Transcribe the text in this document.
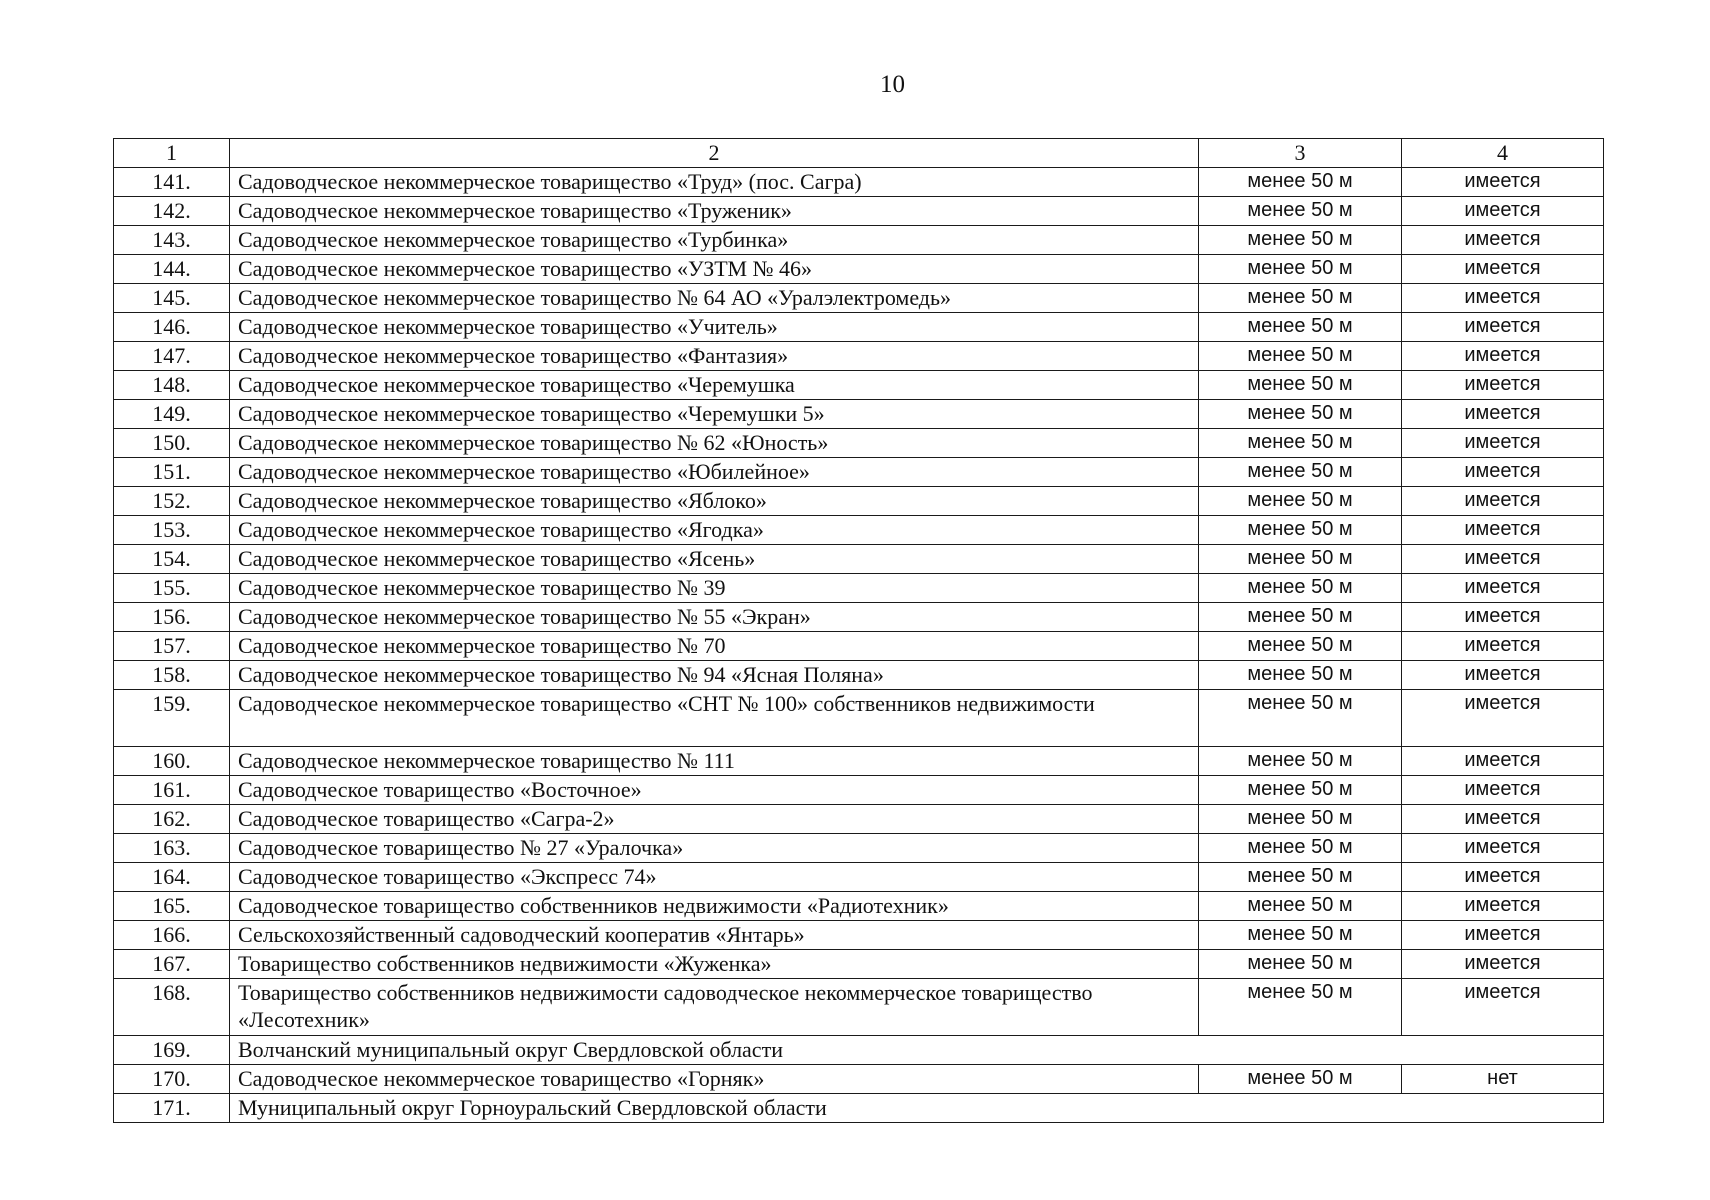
10
1	2	3	4
141.	Садоводческое некоммерческое товарищество «Труд» (пос. Сагра)	менее 50 м	имеется
142.	Садоводческое некоммерческое товарищество «Труженик»	менее 50 м	имеется
143.	Садоводческое некоммерческое товарищество «Турбинка»	менее 50 м	имеется
144.	Садоводческое некоммерческое товарищество «УЗТМ № 46»	менее 50 м	имеется
145.	Садоводческое некоммерческое товарищество № 64 АО «Уралэлектромедь»	менее 50 м	имеется
146.	Садоводческое некоммерческое товарищество «Учитель»	менее 50 м	имеется
147.	Садоводческое некоммерческое товарищество «Фантазия»	менее 50 м	имеется
148.	Садоводческое некоммерческое товарищество «Черемушка	менее 50 м	имеется
149.	Садоводческое некоммерческое товарищество «Черемушки 5»	менее 50 м	имеется
150.	Садоводческое некоммерческое товарищество № 62 «Юность»	менее 50 м	имеется
151.	Садоводческое некоммерческое товарищество «Юбилейное»	менее 50 м	имеется
152.	Садоводческое некоммерческое товарищество «Яблоко»	менее 50 м	имеется
153.	Садоводческое некоммерческое товарищество «Ягодка»	менее 50 м	имеется
154.	Садоводческое некоммерческое товарищество «Ясень»	менее 50 м	имеется
155.	Садоводческое некоммерческое товарищество № 39	менее 50 м	имеется
156.	Садоводческое некоммерческое товарищество № 55 «Экран»	менее 50 м	имеется
157.	Садоводческое некоммерческое товарищество № 70	менее 50 м	имеется
158.	Садоводческое некоммерческое товарищество № 94 «Ясная Поляна»	менее 50 м	имеется
159.	Садоводческое некоммерческое товарищество «СНТ № 100» собственников недвижимости	менее 50 м	имеется
160.	Садоводческое некоммерческое товарищество № 111	менее 50 м	имеется
161.	Садоводческое товарищество «Восточное»	менее 50 м	имеется
162.	Садоводческое товарищество «Сагра-2»	менее 50 м	имеется
163.	Садоводческое товарищество № 27 «Уралочка»	менее 50 м	имеется
164.	Садоводческое товарищество «Экспресс 74»	менее 50 м	имеется
165.	Садоводческое товарищество собственников недвижимости «Радиотехник»	менее 50 м	имеется
166.	Сельскохозяйственный садоводческий кооператив «Янтарь»	менее 50 м	имеется
167.	Товарищество собственников недвижимости «Жуженка»	менее 50 м	имеется
168.	Товарищество собственников недвижимости садоводческое некоммерческое товарищество «Лесотехник»	менее 50 м	имеется
169.	Волчанский муниципальный округ Свердловской области		
170.	Садоводческое некоммерческое товарищество «Горняк»	менее 50 м	нет
171.	Муниципальный округ Горноуральский Свердловской области		
